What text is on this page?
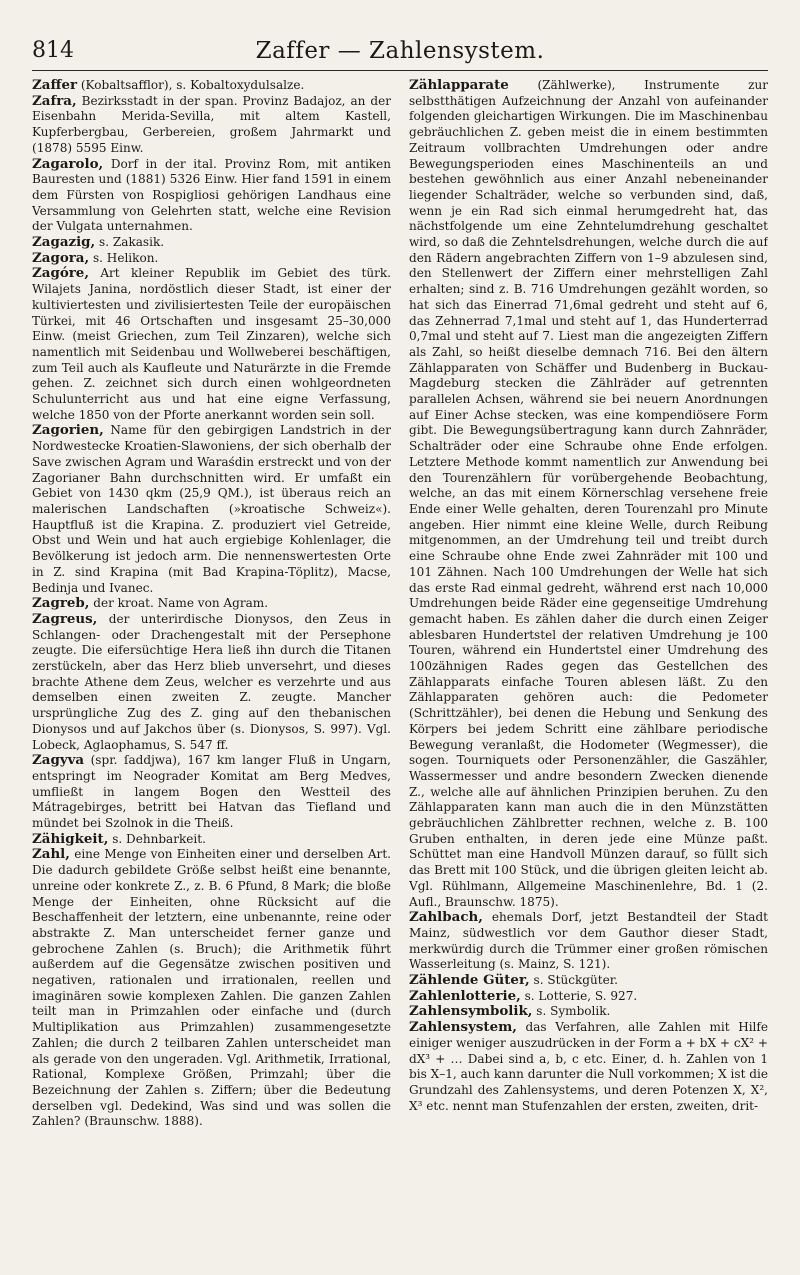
814	Zaffer — Zahlensystem.

Zaffer (Kobaltsafflor), s. Kobaltoxydulsalze.

Zafra, Bezirksstadt in der span. Provinz Badajoz, an der Eisenbahn Merida-Sevilla, mit altem Kastell, Kupferbergbau, Gerbereien, großem Jahrmarkt und (1878) 5595 Einw.

Zagarolo, Dorf in der ital. Provinz Rom, mit antiken Bauresten und (1881) 5326 Einw. Hier fand 1591 in einem dem Fürsten von Rospigliosi gehörigen Landhaus eine Versammlung von Gelehrten statt, welche eine Revision der Vulgata unternahmen.

Zagazig, s. Zakasik.

Zagora, s. Helikon.

Zagóre, Art kleiner Republik im Gebiet des türk. Wilajets Janina, nordöstlich dieser Stadt, ist einer der kultiviertesten und zivilisiertesten Teile der europäischen Türkei, mit 46 Ortschaften und insgesamt 25–30,000 Einw. (meist Griechen, zum Teil Zinzaren), welche sich namentlich mit Seidenbau und Wollweberei beschäftigen, zum Teil auch als Kaufleute und Naturärzte in die Fremde gehen. Z. zeichnet sich durch einen wohlgeordneten Schulunterricht aus und hat eine eigne Verfassung, welche 1850 von der Pforte anerkannt worden sein soll.

Zagorien, Name für den gebirgigen Landstrich in der Nordwestecke Kroatien-Slawoniens, der sich oberhalb der Save zwischen Agram und Waraśdin erstreckt und von der Zagorianer Bahn durchschnitten wird. Er umfaßt ein Gebiet von 1430 qkm (25,9 QM.), ist überaus reich an malerischen Landschaften (»kroatische Schweiz«). Hauptfluß ist die Krapina. Z. produziert viel Getreide, Obst und Wein und hat auch ergiebige Kohlenlager, die Bevölkerung ist jedoch arm. Die nennenswertesten Orte in Z. sind Krapina (mit Bad Krapina-Töplitz), Macse, Bedinja und Ivanec.

Zagreb, der kroat. Name von Agram.

Zagreus, der unterirdische Dionysos, den Zeus in Schlangen- oder Drachengestalt mit der Persephone zeugte. Die eifersüchtige Hera ließ ihn durch die Titanen zerstückeln, aber das Herz blieb unversehrt, und dieses brachte Athene dem Zeus, welcher es verzehrte und aus demselben einen zweiten Z. zeugte. Mancher ursprüngliche Zug des Z. ging auf den thebanischen Dionysos und auf Jakchos über (s. Dionysos, S. 997). Vgl. Lobeck, Aglaophamus, S. 547 ff.

Zagyva (spr. ſaddjwa), 167 km langer Fluß in Ungarn, entspringt im Neograder Komitat am Berg Medves, umfließt in langem Bogen den Westteil des Mátragebirges, betritt bei Hatvan das Tiefland und mündet bei Szolnok in die Theiß.

Zähigkeit, s. Dehnbarkeit.

Zahl, eine Menge von Einheiten einer und derselben Art. Die dadurch gebildete Größe selbst heißt eine benannte, unreine oder konkrete Z., z. B. 6 Pfund, 8 Mark; die bloße Menge der Einheiten, ohne Rücksicht auf die Beschaffenheit der letztern, eine unbenannte, reine oder abstrakte Z. Man unterscheidet ferner ganze und gebrochene Zahlen (s. Bruch); die Arithmetik führt außerdem auf die Gegensätze zwischen positiven und negativen, rationalen und irrationalen, reellen und imaginären sowie komplexen Zahlen. Die ganzen Zahlen teilt man in Primzahlen oder einfache und (durch Multiplikation aus Primzahlen) zusammengesetzte Zahlen; die durch 2 teilbaren Zahlen unterscheidet man als gerade von den ungeraden. Vgl. Arithmetik, Irrational, Rational, Komplexe Größen, Primzahl; über die Bezeichnung der Zahlen s. Ziffern; über die Bedeutung derselben vgl. Dedekind, Was sind und was sollen die Zahlen? (Braunschw. 1888).

Zählapparate (Zählwerke), Instrumente zur selbstthätigen Aufzeichnung der Anzahl von aufeinander folgenden gleichartigen Wirkungen. Die im Maschinenbau gebräuchlichen Z. geben meist die in einem bestimmten Zeitraum vollbrachten Umdrehungen oder andre Bewegungsperioden eines Maschinenteils an und bestehen gewöhnlich aus einer Anzahl nebeneinander liegender Schalträder, welche so verbunden sind, daß, wenn je ein Rad sich einmal herumgedreht hat, das nächstfolgende um eine Zehntelumdrehung geschaltet wird, so daß die Zehntelsdrehungen, welche durch die auf den Rädern angebrachten Ziffern von 1–9 abzulesen sind, den Stellenwert der Ziffern einer mehrstelligen Zahl erhalten; sind z. B. 716 Umdrehungen gezählt worden, so hat sich das Einerrad 71,6mal gedreht und steht auf 6, das Zehnerrad 7,1mal und steht auf 1, das Hunderterrad 0,7mal und steht auf 7. Liest man die angezeigten Ziffern als Zahl, so heißt dieselbe demnach 716. Bei den ältern Zählapparaten von Schäffer und Budenberg in Buckau-Magdeburg stecken die Zählräder auf getrennten parallelen Achsen, während sie bei neuern Anordnungen auf Einer Achse stecken, was eine kompendiösere Form gibt. Die Bewegungsübertragung kann durch Zahnräder, Schalträder oder eine Schraube ohne Ende erfolgen. Letztere Methode kommt namentlich zur Anwendung bei den Tourenzählern für vorübergehende Beobachtung, welche, an das mit einem Körnerschlag versehene freie Ende einer Welle gehalten, deren Tourenzahl pro Minute angeben. Hier nimmt eine kleine Welle, durch Reibung mitgenommen, an der Umdrehung teil und treibt durch eine Schraube ohne Ende zwei Zahnräder mit 100 und 101 Zähnen. Nach 100 Umdrehungen der Welle hat sich das erste Rad einmal gedreht, während erst nach 10,000 Umdrehungen beide Räder eine gegenseitige Umdrehung gemacht haben. Es zählen daher die durch einen Zeiger ablesbaren Hundertstel der relativen Umdrehung je 100 Touren, während ein Hundertstel einer Umdrehung des 100zähnigen Rades gegen das Gestellchen des Zählapparats einfache Touren ablesen läßt. Zu den Zählapparaten gehören auch: die Pedometer (Schrittzähler), bei denen die Hebung und Senkung des Körpers bei jedem Schritt eine zählbare periodische Bewegung veranlaßt, die Hodometer (Wegmesser), die sogen. Tourniquets oder Personenzähler, die Gaszähler, Wassermesser und andre besondern Zwecken dienende Z., welche alle auf ähnlichen Prinzipien beruhen. Zu den Zählapparaten kann man auch die in den Münzstätten gebräuchlichen Zählbretter rechnen, welche z. B. 100 Gruben enthalten, in deren jede eine Münze paßt. Schüttet man eine Handvoll Münzen darauf, so füllt sich das Brett mit 100 Stück, und die übrigen gleiten leicht ab. Vgl. Rühlmann, Allgemeine Maschinenlehre, Bd. 1 (2. Aufl., Braunschw. 1875).

Zahlbach, ehemals Dorf, jetzt Bestandteil der Stadt Mainz, südwestlich vor dem Gauthor dieser Stadt, merkwürdig durch die Trümmer einer großen römischen Wasserleitung (s. Mainz, S. 121).

Zählende Güter, s. Stückgüter.

Zahlenlotterie, s. Lotterie, S. 927.

Zahlensymbolik, s. Symbolik.

Zahlensystem, das Verfahren, alle Zahlen mit Hilfe einiger weniger auszudrücken in der Form a + bX + cX² + dX³ + … Dabei sind a, b, c etc. Einer, d. h. Zahlen von 1 bis X–1, auch kann darunter die Null vorkommen; X ist die Grundzahl des Zahlensystems, und deren Potenzen X, X², X³ etc. nennt man Stufenzahlen der ersten, zweiten, drit-
